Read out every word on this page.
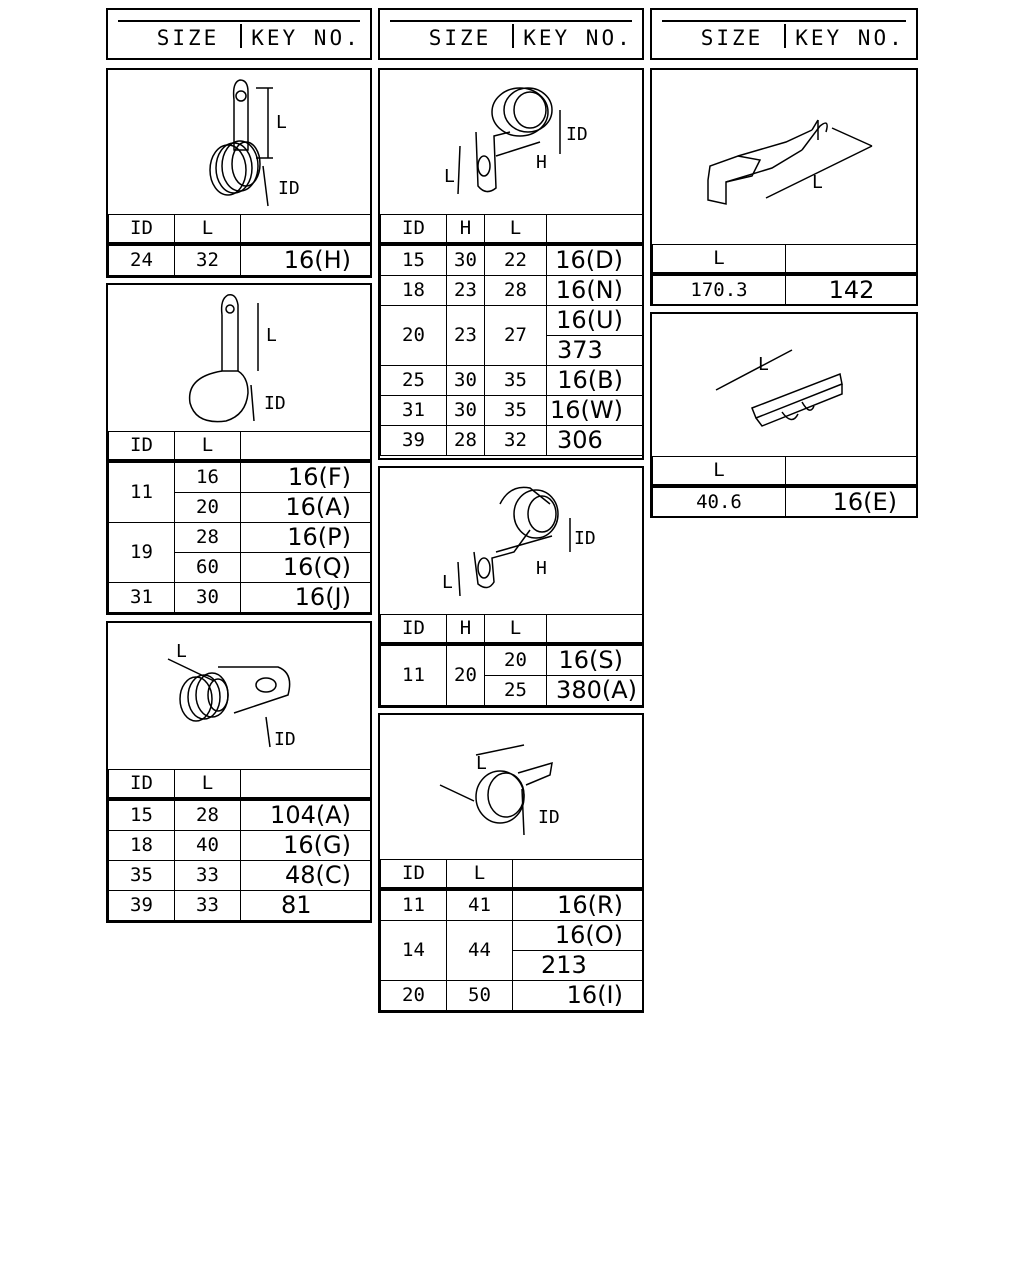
SIZE	KEY NO.	SIZE	KEY NO.	SIZE	KEY NO.
L
ID
ID	L	
24	32	16(H)
L
ID
ID	L	
11	16	16(F)
	20	16(A)
19	28	16(P)
	60	16(Q)
31	30	16(J)
L
ID
ID	L	
15	28	104(A)
18	40	16(G)
35	33	48(C)
39	33	81
ID
H
L
ID	H	L	
15	30	22	16(D)
18	23	28	16(N)
20	23	27	16(U)
			373
25	30	35	16(B)
31	30	35	16(W)
39	28	32	306
ID
H
L
ID	H	L	
11	20	20	16(S)
		25	380(A)
L
ID
ID	L	
11	41	16(R)
14	44	16(O)
		213
20	50	16(I)
L
L	
170.3	142
L
L	
40.6	16(E)
